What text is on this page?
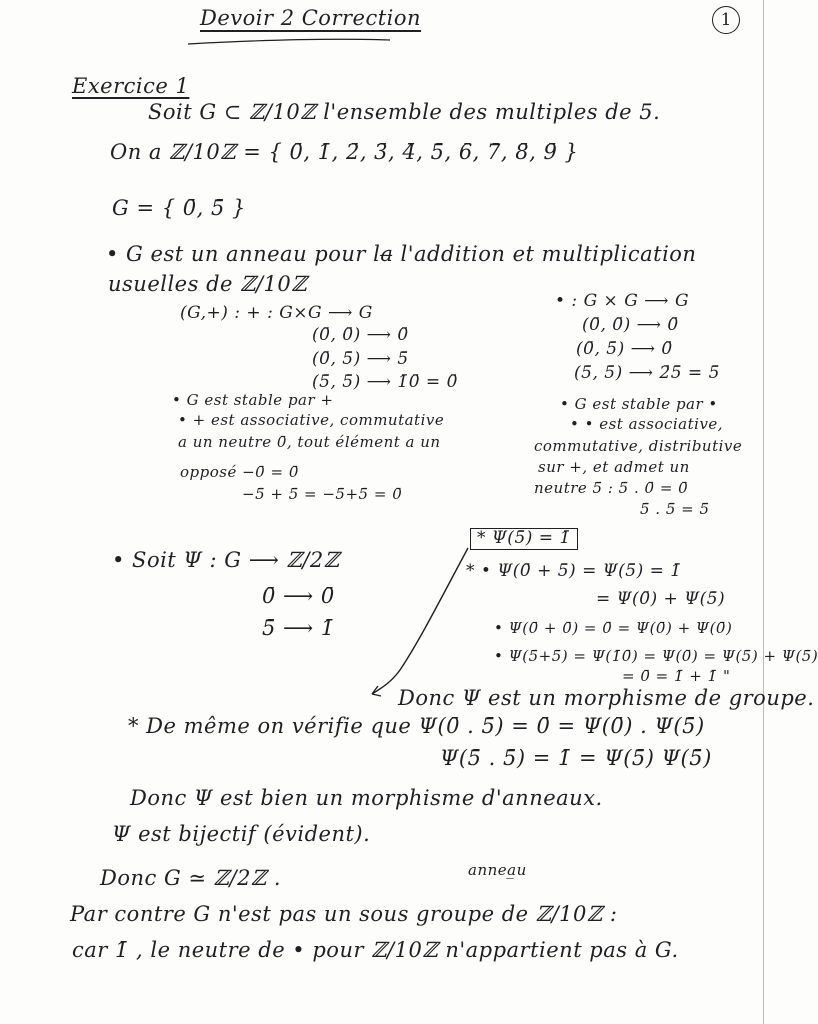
Devoir 2 Correction	1
Exercice 1
Soit G ⊂ ℤ/10ℤ l'ensemble des multiples de 5.
On a ℤ/10ℤ = { 0̄, 1̄, 2̄, 3̄, 4̄, 5̄, 6̄, 7̄, 8̄, 9̄ }
G = { 0̄, 5̄ }
• G est un anneau pour la̶ l'addition et multiplication
usuelles de ℤ/10ℤ
(G,+) : + : G×G ⟶ G
(0̄, 0̄) ⟶ 0̄
(0̄, 5̄) ⟶ 5̄
(5̄, 5̄) ⟶ 1̄0̄ = 0̄
• G est stable par +
• + est associative, commutative
a un neutre 0̄, tout élément a un
opposé −0̄ = 0̄
−5̄ + 5̄ = −5̄+5̄ = 0̄
• : G × G ⟶ G
(0̄, 0̄) ⟶ 0̄
(0̄, 5̄) ⟶ 0̄
(5̄, 5̄) ⟶ 2̄5̄ = 5̄
• G est stable par •
• • est associative,
commutative, distributive
sur +, et admet un
neutre 5̄ : 5̄ . 0̄ = 0̄
5̄ . 5̄ = 5̄
• Soit Ψ : G ⟶ ℤ/2ℤ
0̄ ⟶ 0̄
5̄ ⟶ 1̄
* Ψ(5̄) = 1̄
* • Ψ(0̄ + 5̄) = Ψ(5̄) = 1̄
= Ψ(0̄) + Ψ(5̄)
• Ψ(0̄ + 0̄) = 0̄ = Ψ(0̄) + Ψ(0̄)
• Ψ(5̄+5̄) = Ψ(1̄0̄) = Ψ(0̄) = Ψ(5̄) + Ψ(5̄)
= 0̄ = 1̄ + 1̄ "
Donc Ψ est un morphisme de groupe.
* De même on vérifie que Ψ(0̄ . 5̄) = 0̄ = Ψ(0̄) . Ψ(5̄)
Ψ(5̄ . 5̄) = 1̄ = Ψ(5̄) Ψ(5̄)
Donc Ψ est bien un morphisme d'anneaux.
Ψ est bijectif (évident).
Donc G ≃ ℤ/2ℤ .	annea̲u
Par contre G n'est pas un sous groupe de ℤ/10ℤ :
car 1̄ , le neutre de • pour ℤ/10ℤ n'appartient pas à G.
